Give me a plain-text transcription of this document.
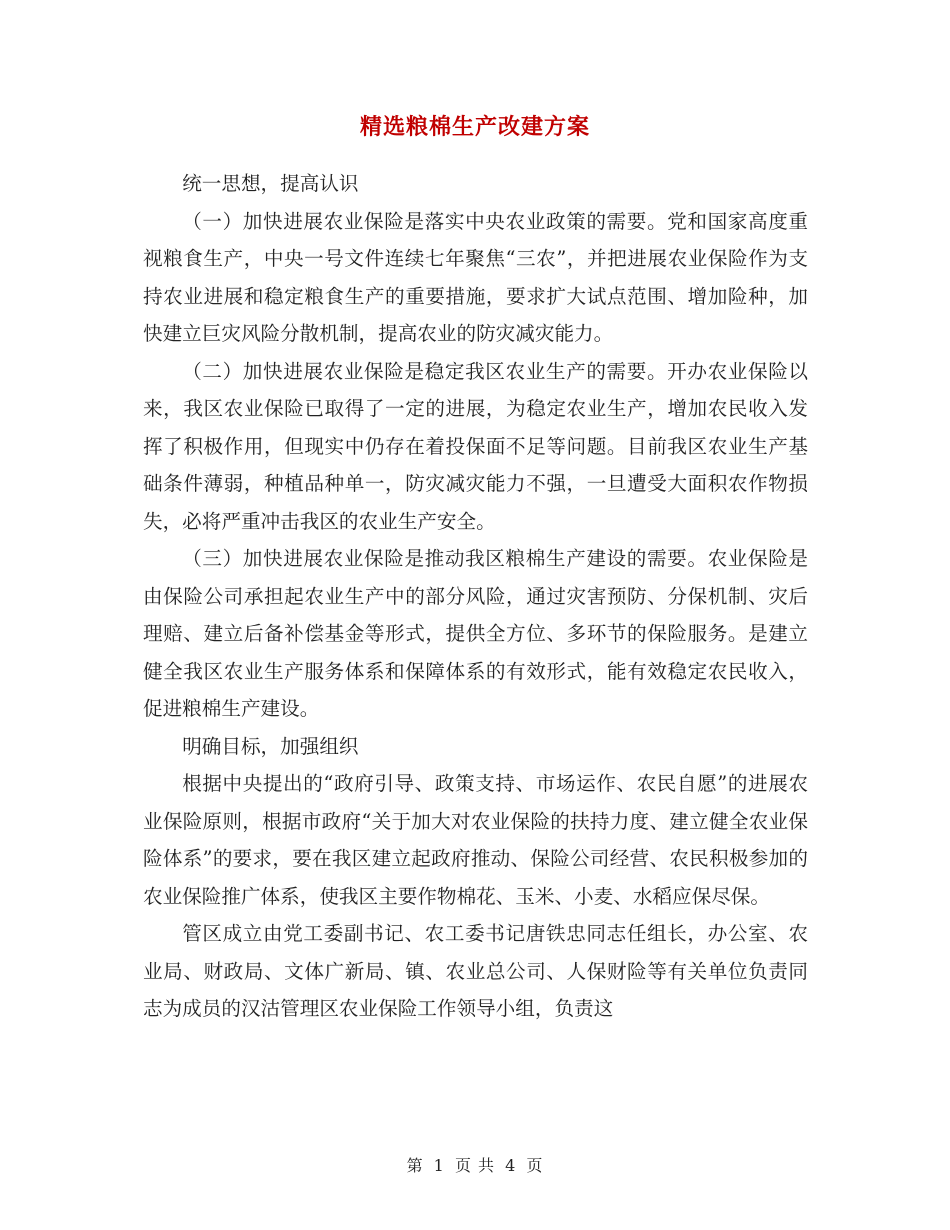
精选粮棉生产改建方案

统一思想，提高认识

（一）加快进展农业保险是落实中央农业政策的需要。党和国家高度重视粮食生产，中央一号文件连续七年聚焦“三农”，并把进展农业保险作为支持农业进展和稳定粮食生产的重要措施，要求扩大试点范围、增加险种，加快建立巨灾风险分散机制，提高农业的防灾减灾能力。

（二）加快进展农业保险是稳定我区农业生产的需要。开办农业保险以来，我区农业保险已取得了一定的进展，为稳定农业生产，增加农民收入发挥了积极作用，但现实中仍存在着投保面不足等问题。目前我区农业生产基础条件薄弱，种植品种单一，防灾减灾能力不强，一旦遭受大面积农作物损失，必将严重冲击我区的农业生产安全。

（三）加快进展农业保险是推动我区粮棉生产建设的需要。农业保险是由保险公司承担起农业生产中的部分风险，通过灾害预防、分保机制、灾后理赔、建立后备补偿基金等形式，提供全方位、多环节的保险服务。是建立健全我区农业生产服务体系和保障体系的有效形式，能有效稳定农民收入，促进粮棉生产建设。

明确目标，加强组织

根据中央提出的“政府引导、政策支持、市场运作、农民自愿”的进展农业保险原则，根据市政府“关于加大对农业保险的扶持力度、建立健全农业保险体系”的要求，要在我区建立起政府推动、保险公司经营、农民积极参加的农业保险推广体系，使我区主要作物棉花、玉米、小麦、水稻应保尽保。

管区成立由党工委副书记、农工委书记唐铁忠同志任组长，办公室、农业局、财政局、文体广新局、镇、农业总公司、人保财险等有关单位负责同志为成员的汉沽管理区农业保险工作领导小组，负责这

第 1 页 共 4 页
